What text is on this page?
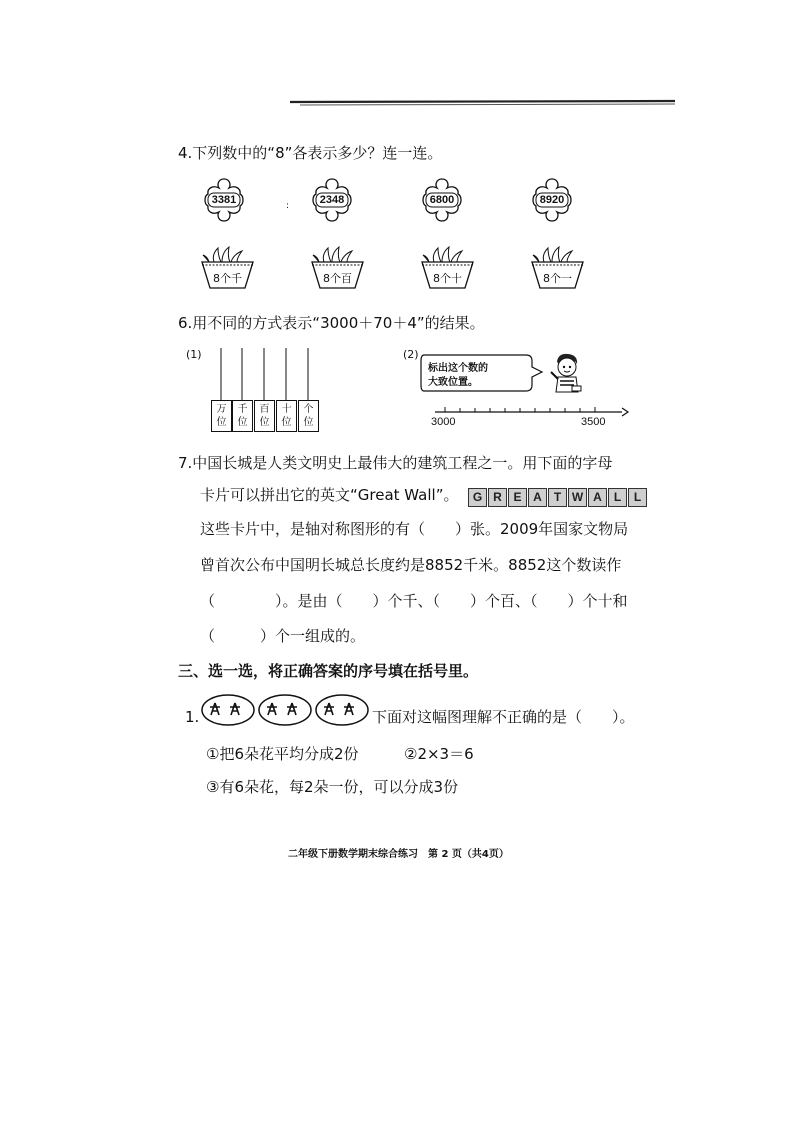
4.下列数中的“8”各表示多少？连一连。
3381	:	2348	6800	8920
8个千	8个百	8个十	8个一
6.用不同的方式表示“3000＋70＋4”的结果。
(1)
万
位
千
位
百
位
十
位
个
位
(2)
标出这个数的
大致位置。
3000	3500
7.中国长城是人类文明史上最伟大的建筑工程之一。用下面的字母
卡片可以拼出它的英文“Great Wall”。	G R E A T W A L L
这些卡片中，是轴对称图形的有（　　）张。2009年国家文物局
曾首次公布中国明长城总长度约是8852千米。8852这个数读作
（　　　　）。是由（　　）个千、（　　）个百、（　　）个十和
（　　　）个一组成的。
三、选一选，将正确答案的序号填在括号里。
1.	下面对这幅图理解不正确的是（　　）。
①把6朵花平均分成2份	②2×3＝6
③有6朵花，每2朵一份，可以分成3份
二年级下册数学期末综合练习　第 2 页（共4页）
